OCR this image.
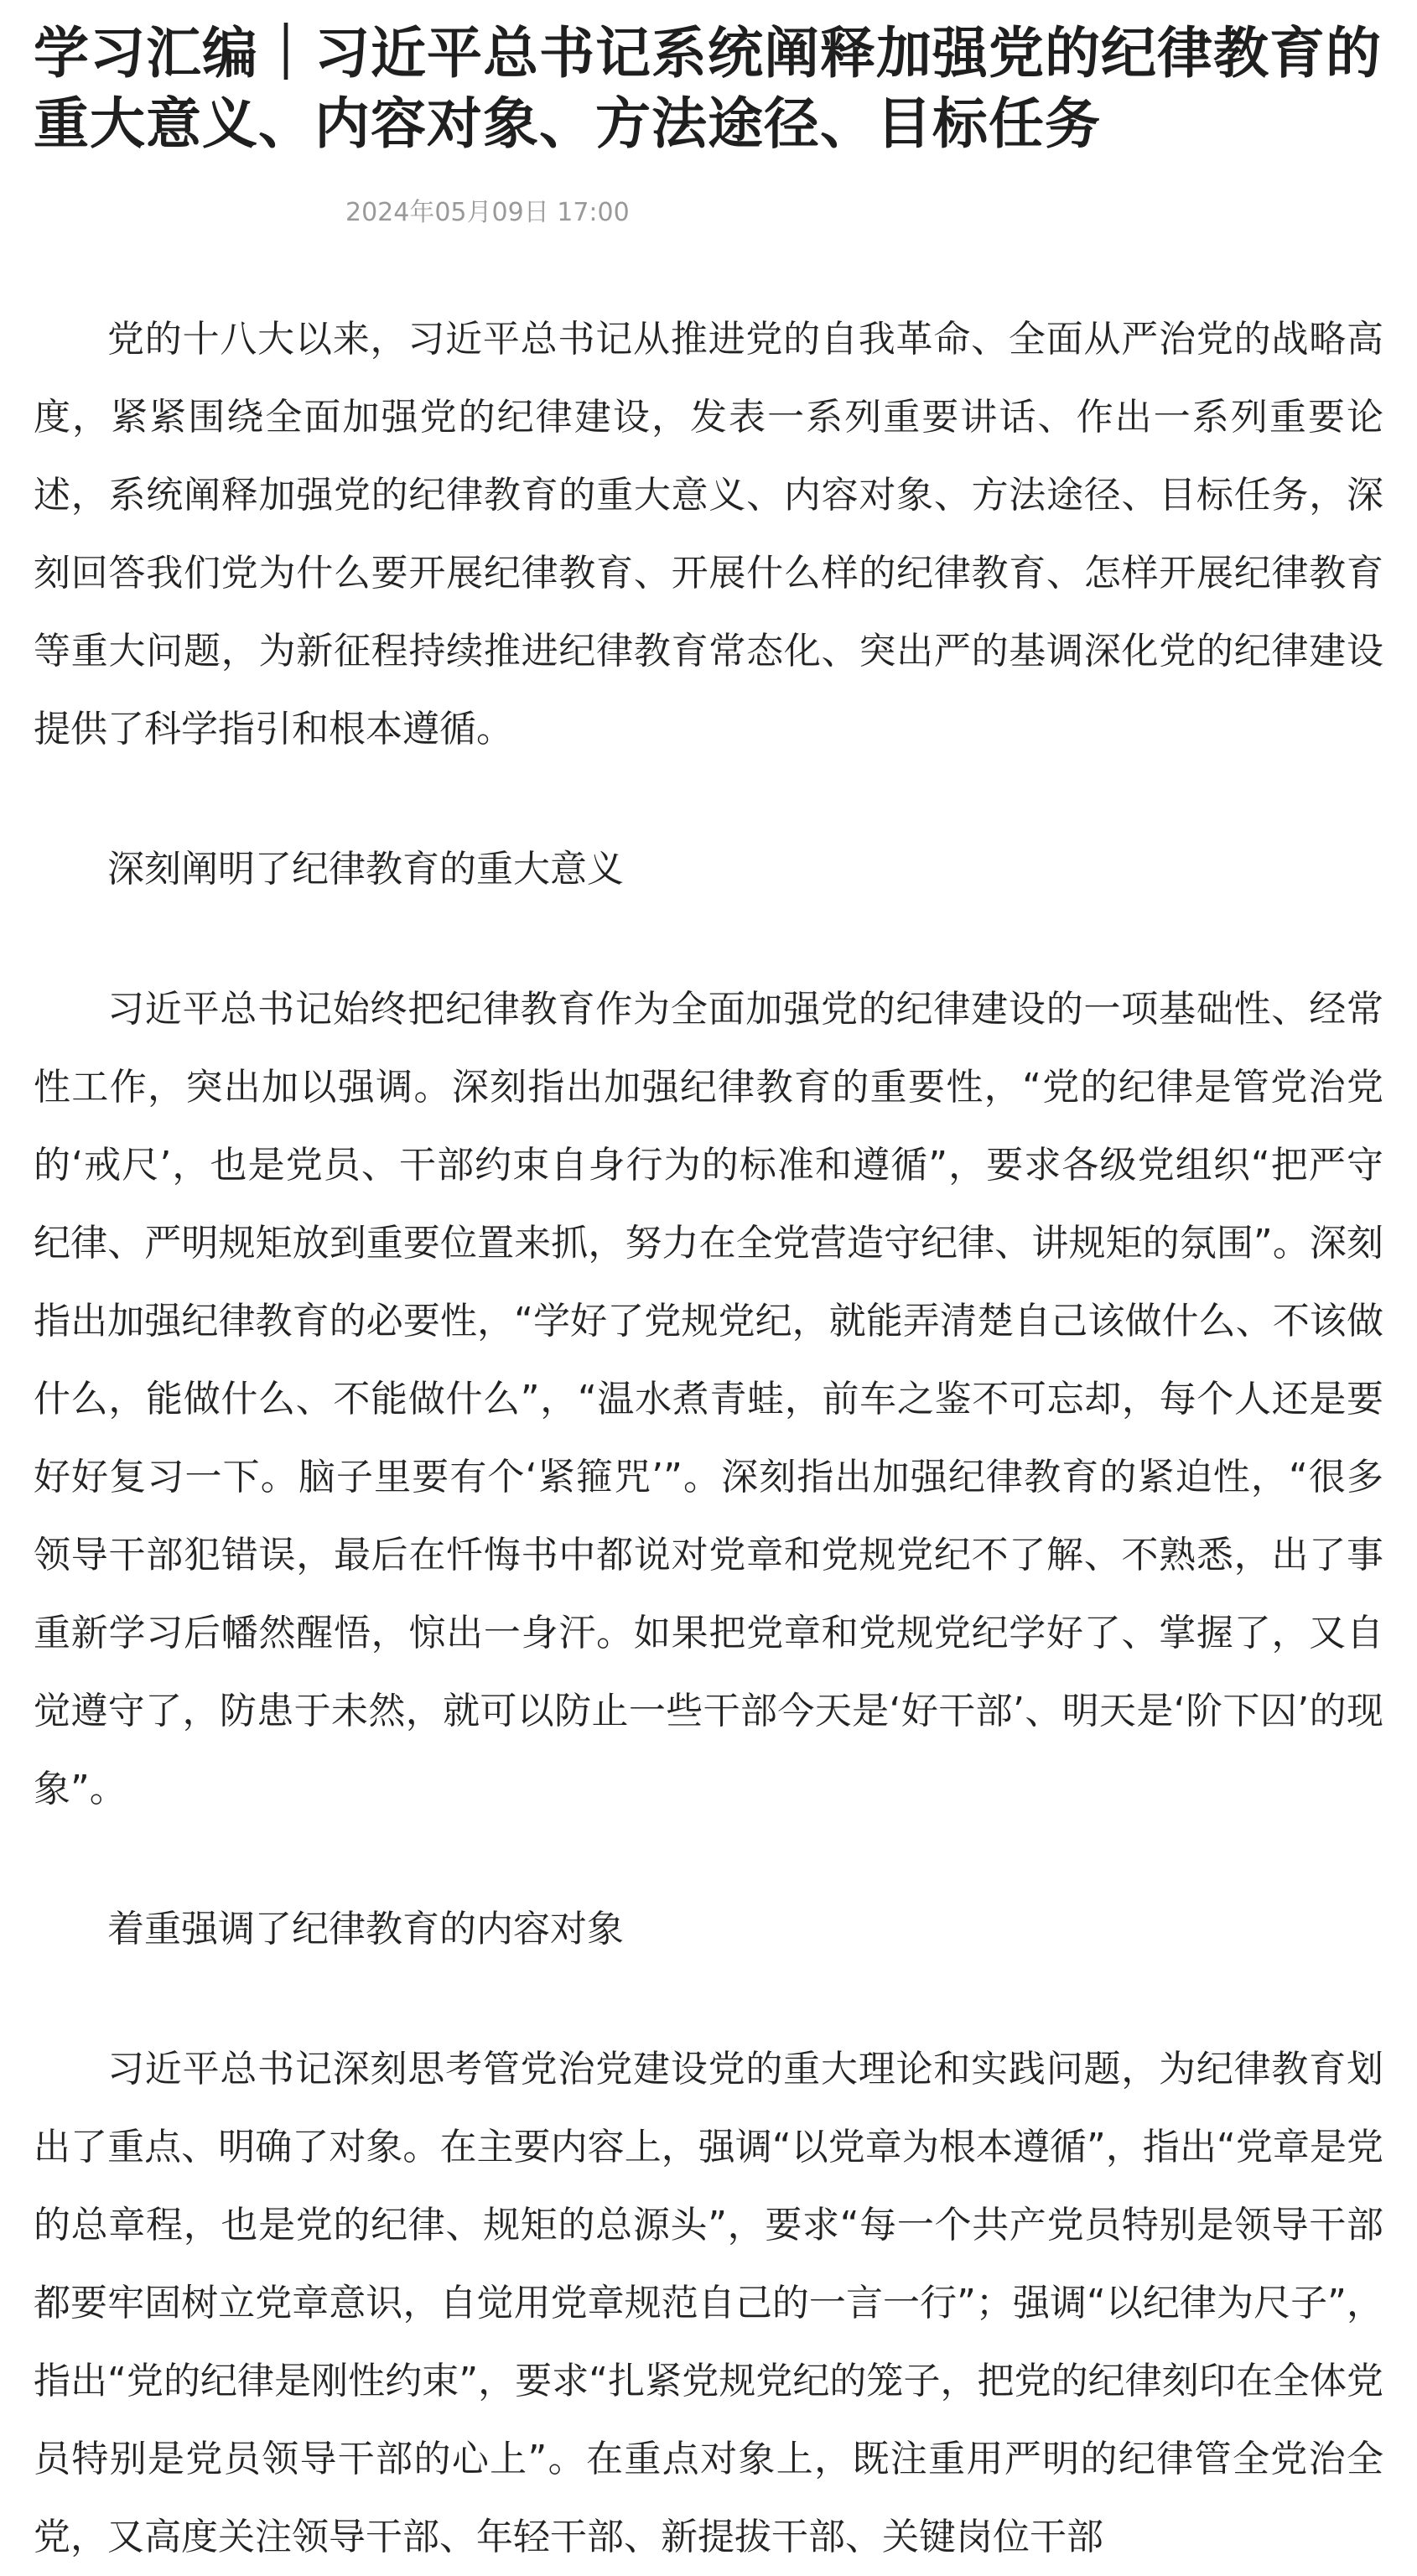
学习汇编｜习近平总书记系统阐释加强党的纪律教育的重大意义、内容对象、方法途径、目标任务
2024年05月09日 17:00

党的十八大以来，习近平总书记从推进党的自我革命、全面从严治党的战略高度，紧紧围绕全面加强党的纪律建设，发表一系列重要讲话、作出一系列重要论述，系统阐释加强党的纪律教育的重大意义、内容对象、方法途径、目标任务，深刻回答我们党为什么要开展纪律教育、开展什么样的纪律教育、怎样开展纪律教育等重大问题，为新征程持续推进纪律教育常态化、突出严的基调深化党的纪律建设提供了科学指引和根本遵循。

深刻阐明了纪律教育的重大意义

习近平总书记始终把纪律教育作为全面加强党的纪律建设的一项基础性、经常性工作，突出加以强调。深刻指出加强纪律教育的重要性，“党的纪律是管党治党的‘戒尺’，也是党员、干部约束自身行为的标准和遵循”，要求各级党组织“把严守纪律、严明规矩放到重要位置来抓，努力在全党营造守纪律、讲规矩的氛围”。深刻指出加强纪律教育的必要性，“学好了党规党纪，就能弄清楚自己该做什么、不该做什么，能做什么、不能做什么”，“温水煮青蛙，前车之鉴不可忘却，每个人还是要好好复习一下。脑子里要有个‘紧箍咒’”。深刻指出加强纪律教育的紧迫性，“很多领导干部犯错误，最后在忏悔书中都说对党章和党规党纪不了解、不熟悉，出了事重新学习后幡然醒悟，惊出一身汗。如果把党章和党规党纪学好了、掌握了，又自觉遵守了，防患于未然，就可以防止一些干部今天是‘好干部’、明天是‘阶下囚’的现象”。

着重强调了纪律教育的内容对象

习近平总书记深刻思考管党治党建设党的重大理论和实践问题，为纪律教育划出了重点、明确了对象。在主要内容上，强调“以党章为根本遵循”，指出“党章是党的总章程，也是党的纪律、规矩的总源头”，要求“每一个共产党员特别是领导干部都要牢固树立党章意识，自觉用党章规范自己的一言一行”；强调“以纪律为尺子”，指出“党的纪律是刚性约束”，要求“扎紧党规党纪的笼子，把党的纪律刻印在全体党员特别是党员领导干部的心上”。在重点对象上，既注重用严明的纪律管全党治全党，又高度关注领导干部、年轻干部、新提拔干部、关键岗位干部
